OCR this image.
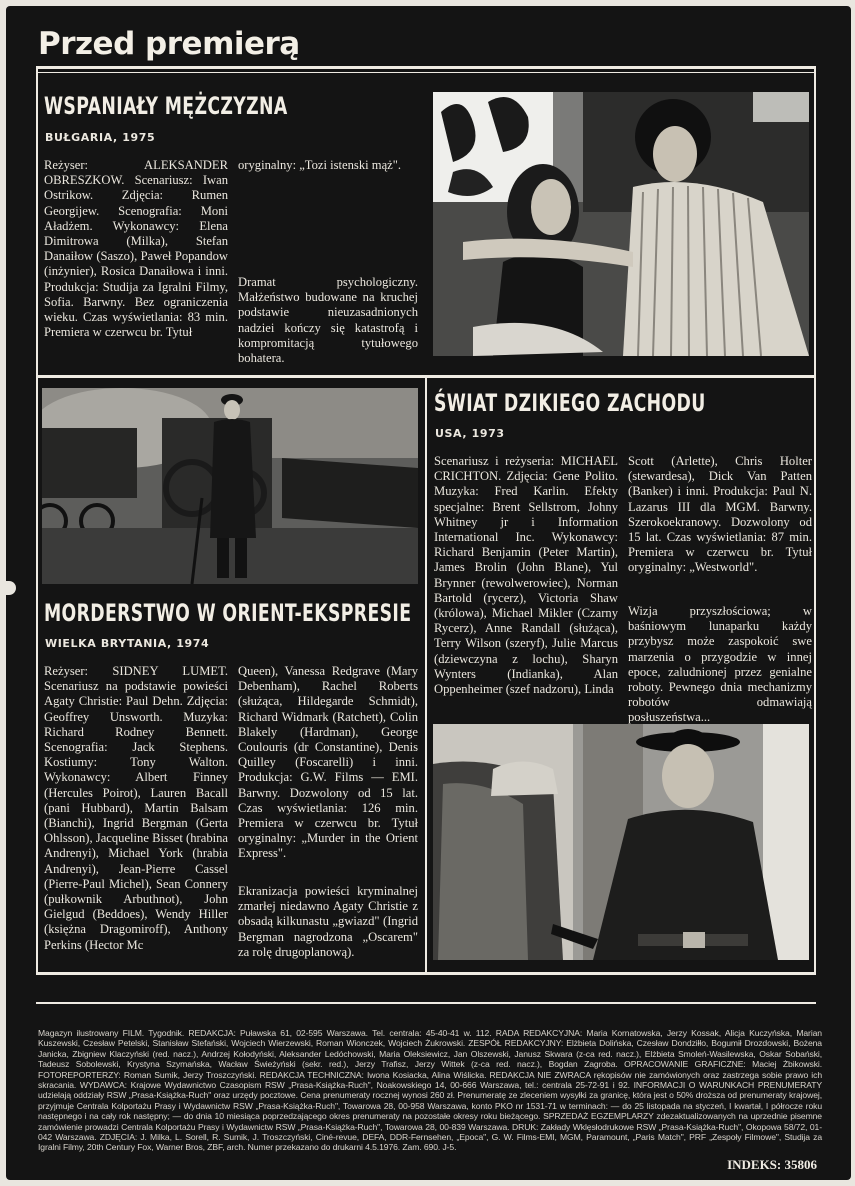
Przed premierą
WSPANIAŁY MĘŻCZYZNA
BUŁGARIA, 1975
Reżyser: ALEKSANDER OBRESZKOW. Scenariusz: Iwan Ostrikow. Zdjęcia: Rumen Georgijew. Scenografia: Moni Aładżem. Wykonawcy: Elena Dimitrowa (Milka), Stefan Danaiłow (Saszo), Paweł Popandow (inżynier), Rosica Danaiłowa i inni. Produkcja: Studija za Igralni Filmy, Sofia. Barwny. Bez ograniczenia wieku. Czas wyświetlania: 83 min. Premiera w czerwcu br. Tytuł
oryginalny: „Tozi istenski mąż".
Dramat psychologiczny. Małżeństwo budowane na kruchej podstawie nieuzasadnionych nadziei kończy się katastrofą i kompromitacją tytułowego bohatera.
MORDERSTWO W ORIENT-EKSPRESIE
WIELKA BRYTANIA, 1974
Reżyser: SIDNEY LUMET. Scenariusz na podstawie powieści Agaty Christie: Paul Dehn. Zdjęcia: Geoffrey Unsworth. Muzyka: Richard Rodney Bennett. Scenografia: Jack Stephens. Kostiumy: Tony Walton. Wykonawcy: Albert Finney (Hercules Poirot), Lauren Bacall (pani Hubbard), Martin Balsam (Bianchi), Ingrid Bergman (Gerta Ohlsson), Jacqueline Bisset (hrabina Andrenyi), Michael York (hrabia Andrenyi), Jean-Pierre Cassel (Pierre-Paul Michel), Sean Connery (pułkownik Arbuthnot), John Gielgud (Beddoes), Wendy Hiller (księżna Dragomiroff), Anthony Perkins (Hector Mc
Queen), Vanessa Redgrave (Mary Debenham), Rachel Roberts (służąca, Hildegarde Schmidt), Richard Widmark (Ratchett), Colin Blakely (Hardman), George Coulouris (dr Constantine), Denis Quilley (Foscarelli) i inni. Produkcja: G.W. Films — EMI. Barwny. Dozwolony od 15 lat. Czas wyświetlania: 126 min. Premiera w czerwcu br. Tytuł oryginalny: „Murder in the Orient Express".
Ekranizacja powieści kryminalnej zmarłej niedawno Agaty Christie z obsadą kilkunastu „gwiazd" (Ingrid Bergman nagrodzona „Oscarem" za rolę drugoplanową).
ŚWIAT DZIKIEGO ZACHODU
USA, 1973
Scenariusz i reżyseria: MICHAEL CRICHTON. Zdjęcia: Gene Polito. Muzyka: Fred Karlin. Efekty specjalne: Brent Sellstrom, Johny Whitney jr i Information International Inc. Wykonawcy: Richard Benjamin (Peter Martin), James Brolin (John Blane), Yul Brynner (rewolwerowiec), Norman Bartold (rycerz), Victoria Shaw (królowa), Michael Mikler (Czarny Rycerz), Anne Randall (służąca), Terry Wilson (szeryf), Julie Marcus (dziewczyna z lochu), Sharyn Wynters (Indianka), Alan Oppenheimer (szef nadzoru), Linda
Scott (Arlette), Chris Holter (stewardesa), Dick Van Patten (Banker) i inni. Produkcja: Paul N. Lazarus III dla MGM. Barwny. Szerokoekranowy. Dozwolony od 15 lat. Czas wyświetlania: 87 min. Premiera w czerwcu br. Tytuł oryginalny: „Westworld".
Wizja przyszłościowa; w baśniowym lunaparku każdy przybysz może zaspokoić swe marzenia o przygodzie w innej epoce, zaludnionej przez genialne roboty. Pewnego dnia mechanizmy robotów odmawiają posłuszeństwa...
Magazyn ilustrowany FILM. Tygodnik. REDAKCJA: Puławska 61, 02-595 Warszawa. Tel. centrala: 45-40-41 w. 112. RADA REDAKCYJNA: Maria Kornatowska, Jerzy Kossak, Alicja Kuczyńska, Marian Kuszewski, Czesław Petelski, Stanisław Stefański, Wojciech Wierzewski, Roman Wionczek, Wojciech Żukrowski. ZESPÓŁ REDAKCYJNY: Elżbieta Dolińska, Czesław Dondziłło, Bogumił Drozdowski, Bożena Janicka, Zbigniew Klaczyński (red. nacz.), Andrzej Kołodyński, Aleksander Ledóchowski, Maria Oleksiewicz, Jan Olszewski, Janusz Skwara (z-ca red. nacz.), Elżbieta Smoleń-Wasilewska, Oskar Sobański, Tadeusz Sobolewski, Krystyna Szymańska, Wacław Świeżyński (sekr. red.), Jerzy Trafisz, Jerzy Wittek (z-ca red. nacz.), Bogdan Zagroba. OPRACOWANIE GRAFICZNE: Maciej Żbikowski. FOTOREPORTERZY: Roman Sumik, Jerzy Troszczyński. REDAKCJA TECHNICZNA: Iwona Kosiacka, Alina Wiślicka. REDAKCJA NIE ZWRACA rękopisów nie zamówionych oraz zastrzega sobie prawo ich skracania. WYDAWCA: Krajowe Wydawnictwo Czasopism RSW „Prasa-Książka-Ruch", Noakowskiego 14, 00-666 Warszawa, tel.: centrala 25-72-91 i 92. INFORMACJI O WARUNKACH PRENUMERATY udzielają oddziały RSW „Prasa-Książka-Ruch" oraz urzędy pocztowe. Cena prenumeraty rocznej wynosi 260 zł. Prenumeratę ze zleceniem wysyłki za granicę, która jest o 50% droższa od prenumeraty krajowej, przyjmuje Centrala Kolportażu Prasy i Wydawnictw RSW „Prasa-Książka-Ruch", Towarowa 28, 00-958 Warszawa, konto PKO nr 1531-71 w terminach: — do 25 listopada na styczeń, I kwartał, I półrocze roku następnego i na cały rok następny; — do dnia 10 miesiąca poprzedzającego okres prenumeraty na pozostałe okresy roku bieżącego. SPRZEDAŻ EGZEMPLARZY zdezaktualizowanych na uprzednie pisemne zamówienie prowadzi Centrala Kolportażu Prasy i Wydawnictw RSW „Prasa-Książka-Ruch", Towarowa 28, 00-839 Warszawa. DRUK: Zakłady Wklęsłodrukowe RSW „Prasa-Książka-Ruch", Okopowa 58/72, 01-042 Warszawa. ZDJĘCIA: J. Milka, L. Sorell, R. Sumik, J. Troszczyński, Ciné-revue, DEFA, DDR-Fernsehen, „Epoca", G. W. Films-EMI, MGM, Paramount, „Paris Match", PRF „Zespoły Filmowe", Studija za Igralni Filmy, 20th Century Fox, Warner Bros, ZBF, arch. Numer przekazano do drukarni 4.5.1976. Zam. 690. J-5.
INDEKS: 35806
